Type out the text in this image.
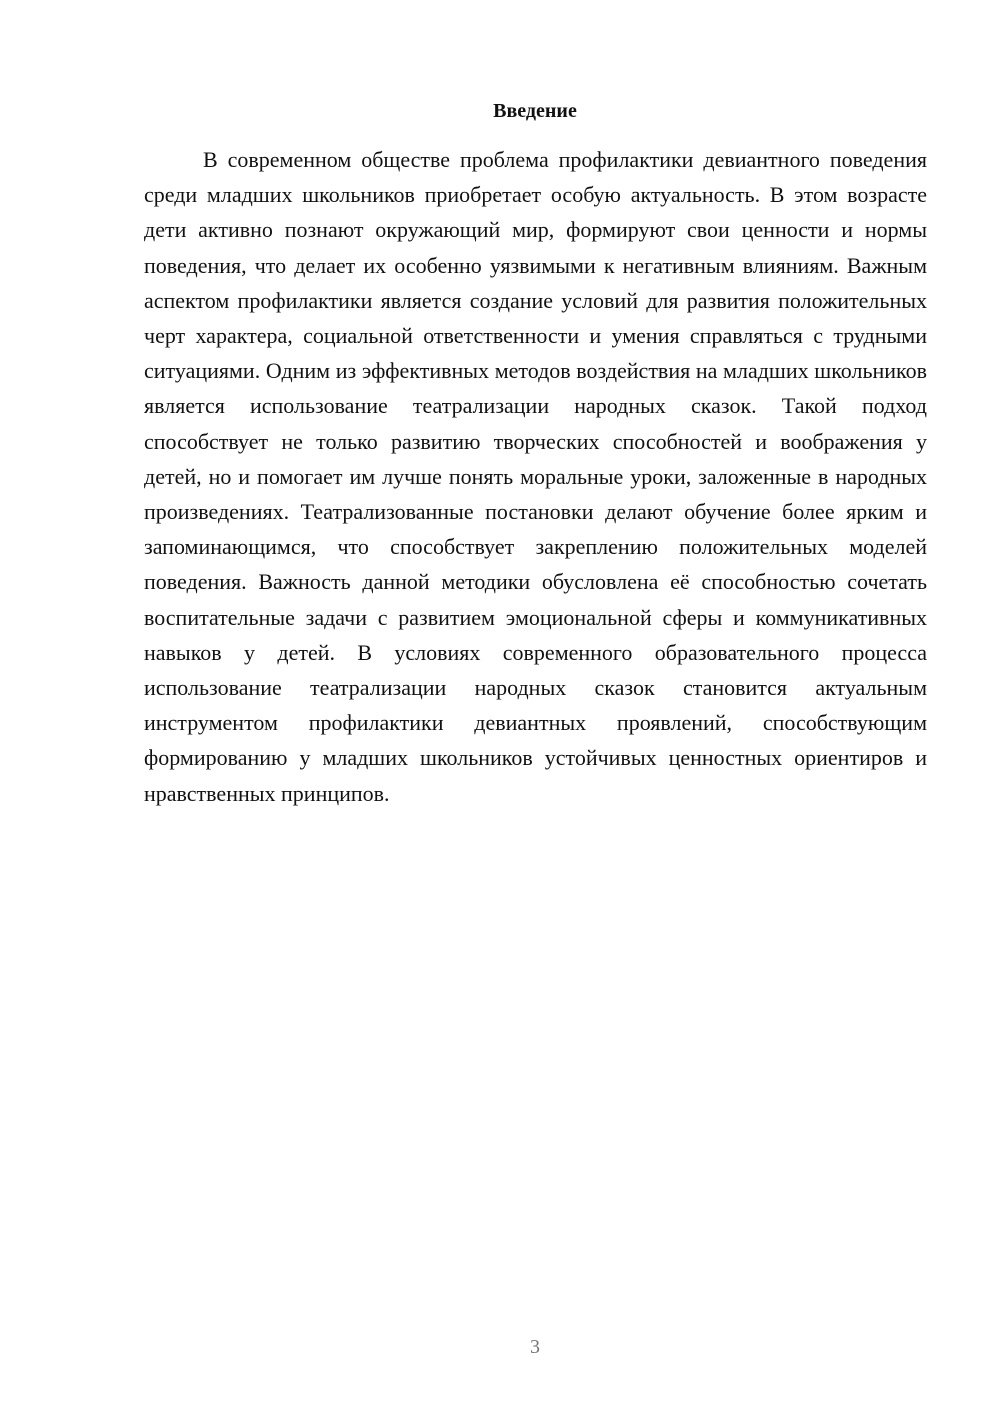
Введение

В современном обществе проблема профилактики девиантного поведения среди младших школьников приобретает особую актуальность. В этом возрасте дети активно познают окружающий мир, формируют свои ценности и нормы поведения, что делает их особенно уязвимыми к негативным влияниям. Важным аспектом профилактики является создание условий для развития положительных черт характера, социальной ответственности и умения справляться с трудными ситуациями. Одним из эффективных методов воздействия на младших школьников является использование театрализации народных сказок. Такой подход способствует не только развитию творческих способностей и воображения у детей, но и помогает им лучше понять моральные уроки, заложенные в народных произведениях. Театрализованные постановки делают обучение более ярким и запоминающимся, что способствует закреплению положительных моделей поведения. Важность данной методики обусловлена её способностью сочетать воспитательные задачи с развитием эмоциональной сферы и коммуникативных навыков у детей. В условиях современного образовательного процесса использование театрализации народных сказок становится актуальным инструментом профилактики девиантных проявлений, способствующим формированию у младших школьников устойчивых ценностных ориентиров и нравственных принципов.

3
